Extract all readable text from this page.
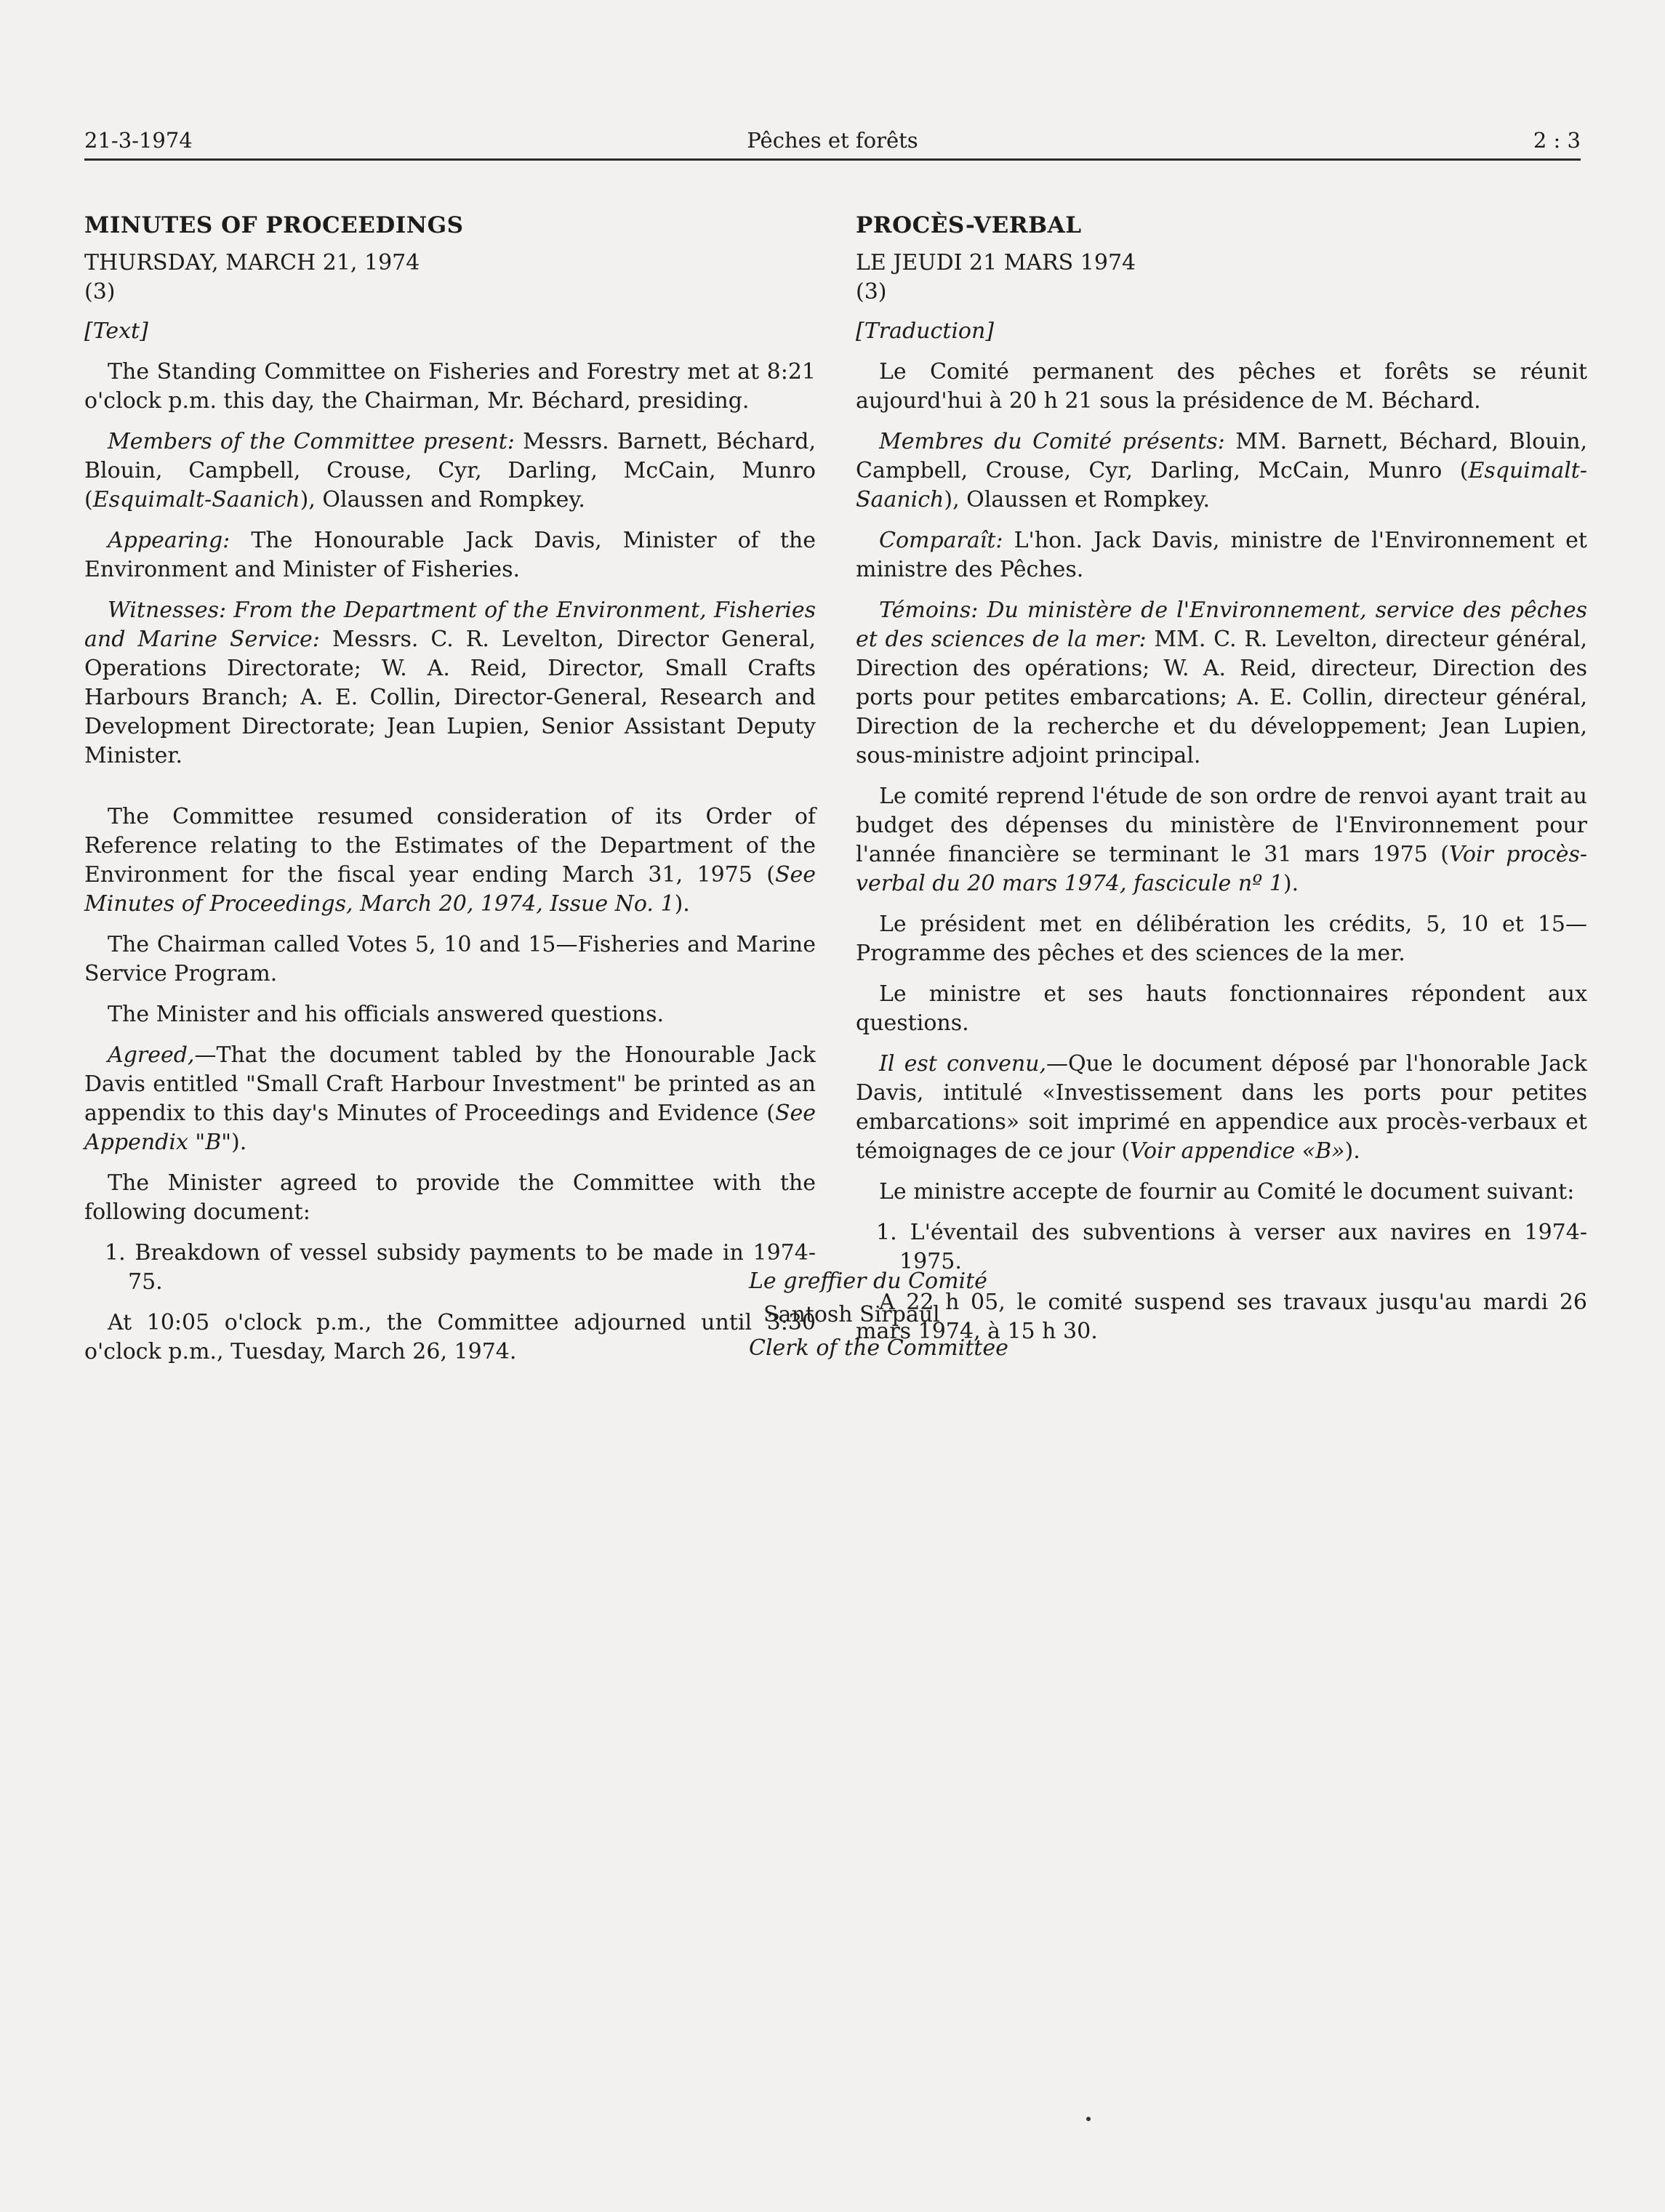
21-3-1974	Pêches et forêts	2 : 3
MINUTES OF PROCEEDINGS

THURSDAY, MARCH 21, 1974

(3)

[Text]

The Standing Committee on Fisheries and Forestry met at 8:21 o'clock p.m. this day, the Chairman, Mr. Béchard, presiding.

Members of the Committee present: Messrs. Barnett, Béchard, Blouin, Campbell, Crouse, Cyr, Darling, McCain, Munro (Esquimalt-Saanich), Olaussen and Rompkey.

Appearing: The Honourable Jack Davis, Minister of the Environment and Minister of Fisheries.

Witnesses: From the Department of the Environment, Fisheries and Marine Service: Messrs. C. R. Levelton, Director General, Operations Directorate; W. A. Reid, Director, Small Crafts Harbours Branch; A. E. Collin, Director-General, Research and Development Directorate; Jean Lupien, Senior Assistant Deputy Minister.

The Committee resumed consideration of its Order of Reference relating to the Estimates of the Department of the Environment for the fiscal year ending March 31, 1975 (See Minutes of Proceedings, March 20, 1974, Issue No. 1).

The Chairman called Votes 5, 10 and 15—Fisheries and Marine Service Program.

The Minister and his officials answered questions.

Agreed,—That the document tabled by the Honourable Jack Davis entitled "Small Craft Harbour Investment" be printed as an appendix to this day's Minutes of Proceedings and Evidence (See Appendix "B").

The Minister agreed to provide the Committee with the following document:

1. Breakdown of vessel subsidy payments to be made in 1974-75.

At 10:05 o'clock p.m., the Committee adjourned until 3:30 o'clock p.m., Tuesday, March 26, 1974.

PROCÈS-VERBAL

LE JEUDI 21 MARS 1974

(3)

[Traduction]

Le Comité permanent des pêches et forêts se réunit aujourd'hui à 20 h 21 sous la présidence de M. Béchard.

Membres du Comité présents: MM. Barnett, Béchard, Blouin, Campbell, Crouse, Cyr, Darling, McCain, Munro (Esquimalt-Saanich), Olaussen et Rompkey.

Comparaît: L'hon. Jack Davis, ministre de l'Environnement et ministre des Pêches.

Témoins: Du ministère de l'Environnement, service des pêches et des sciences de la mer: MM. C. R. Levelton, directeur général, Direction des opérations; W. A. Reid, directeur, Direction des ports pour petites embarcations; A. E. Collin, directeur général, Direction de la recherche et du développement; Jean Lupien, sous-ministre adjoint principal.

Le comité reprend l'étude de son ordre de renvoi ayant trait au budget des dépenses du ministère de l'Environnement pour l'année financière se terminant le 31 mars 1975 (Voir procès-verbal du 20 mars 1974, fascicule nº 1).

Le président met en délibération les crédits, 5, 10 et 15—Programme des pêches et des sciences de la mer.

Le ministre et ses hauts fonctionnaires répondent aux questions.

Il est convenu,—Que le document déposé par l'honorable Jack Davis, intitulé «Investissement dans les ports pour petites embarcations» soit imprimé en appendice aux procès-verbaux et témoignages de ce jour (Voir appendice «B»).

Le ministre accepte de fournir au Comité le document suivant:

1. L'éventail des subventions à verser aux navires en 1974-1975.

A 22 h 05, le comité suspend ses travaux jusqu'au mardi 26 mars 1974, à 15 h 30.

Le greffier du Comité
Santosh Sirpaul
Clerk of the Committee
